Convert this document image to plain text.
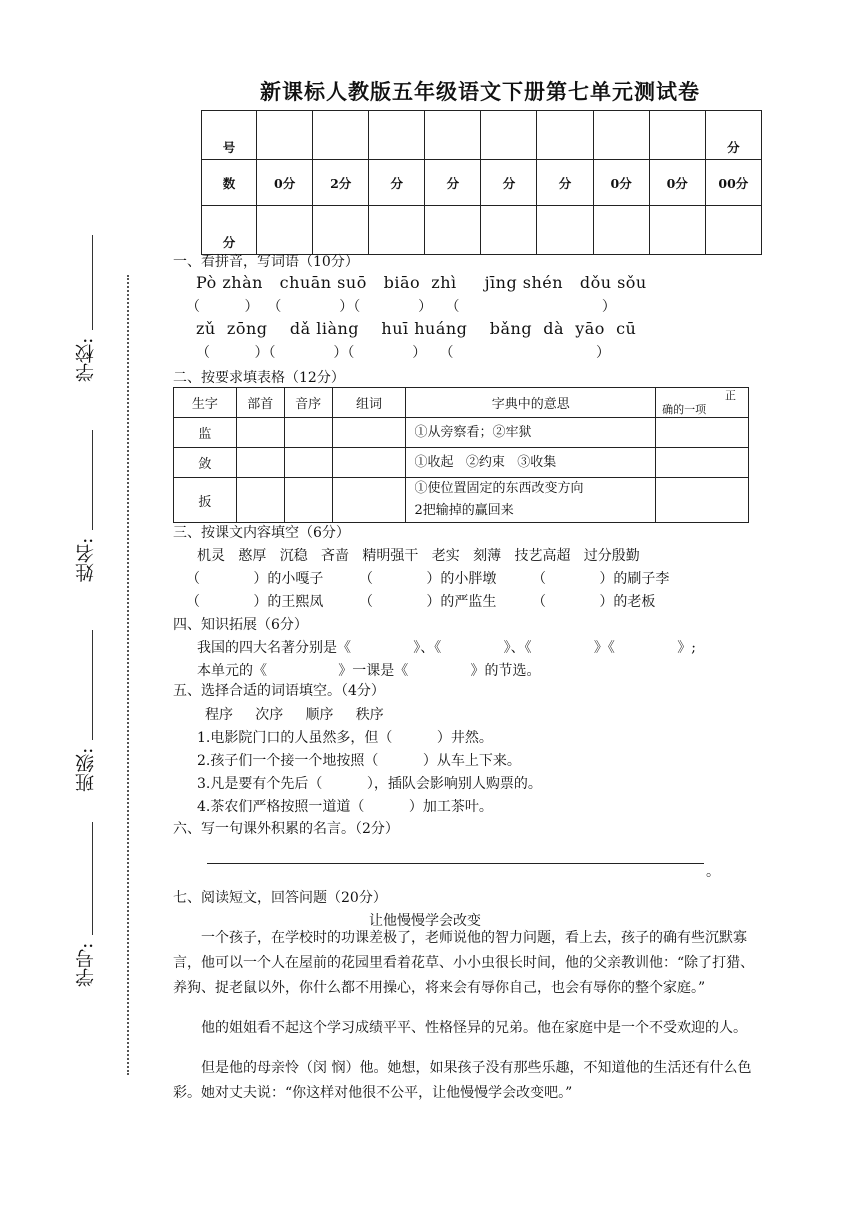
新课标人教版五年级语文下册第七单元测试卷
号									分
数	0分	2分	分	分	分	分	0分	0分	00分
分									
学校:
姓名:
班级:
学号:
一、看拼音，写词语（10分）
Pò zhàn   chuān suō   biāo  zhì     jīng shén   dǒu sǒu
（          ）  （             ）（             ）   （                                ）
zǔ  zōng    dǎ liàng    huī huáng    bǎng  dà  yāo  cū
（          ）（             ）（             ）   （                                ）
二、按要求填表格（12分）
生字	部首	音序	组词	字典中的意思	正
确的一项

监				①从旁察看；②牢狱	
敛				①收起   ②约束   ③收集	
扳				①使位置固定的东西改变方向
2把输掉的赢回来	

三、按课文内容填空（6分）
机灵   憨厚   沉稳   吝啬   精明强干   老实   刻薄   技艺高超   过分殷勤
（            ）的小嘎子        （            ）的小胖墩        （            ）的刷子李
（            ）的王熙凤        （            ）的严监生        （            ）的老板
四、知识拓展（6分）
我国的四大名著分别是《              》、《              》、《              》《              》;
本单元的《                》一课是《              》的节选。
五、选择合适的词语填空。（4分）
程序     次序     顺序     秩序
1.电影院门口的人虽然多，但（          ）井然。
2.孩子们一个接一个地按照（          ）从车上下来。
3.凡是要有个先后（          ），插队会影响别人购票的。
4.茶农们严格按照一道道（          ）加工茶叶。
六、写一句课外积累的名言。（2分）
。
七、阅读短文，回答问题（20分）
让他慢慢学会改变
一个孩子，在学校时的功课差极了，老师说他的智力问题，看上去，孩子的确有些沉默寡言，他可以一个人在屋前的花园里看着花草、小小虫很长时间，他的父亲教训他：“除了打猎、养狗、捉老鼠以外，你什么都不用操心，将来会有辱你自己，也会有辱你的整个家庭。”
他的姐姐看不起这个学习成绩平平、性格怪异的兄弟。他在家庭中是一个不受欢迎的人。
但是他的母亲怜（闵 悯）他。她想，如果孩子没有那些乐趣，不知道他的生活还有什么色彩。她对丈夫说：“你这样对他很不公平，让他慢慢学会改变吧。”
